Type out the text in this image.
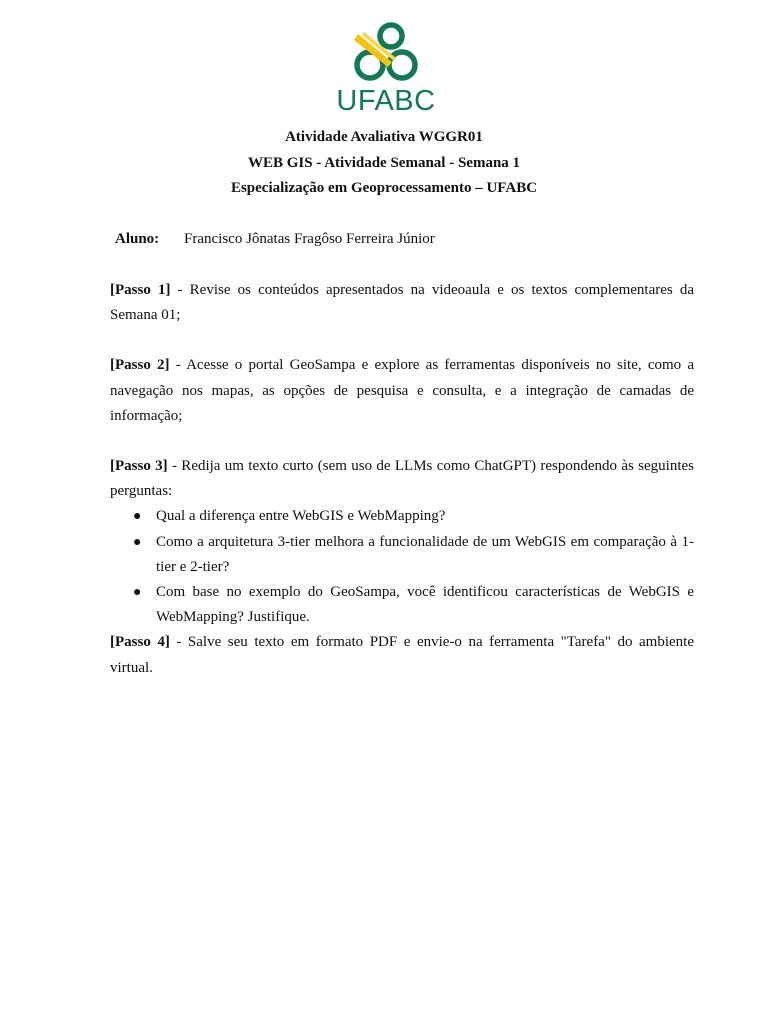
UFABC
Atividade Avaliativa WGGR01
WEB GIS - Atividade Semanal - Semana 1
Especialização em Geoprocessamento – UFABC
Aluno: Francisco Jônatas Fragôso Ferreira Júnior

[Passo 1] - Revise os conteúdos apresentados na videoaula e os textos complementares da Semana 01;

[Passo 2] - Acesse o portal GeoSampa e explore as ferramentas disponíveis no site, como a navegação nos mapas, as opções de pesquisa e consulta, e a integração de camadas de informação;

[Passo 3] - Redija um texto curto (sem uso de LLMs como ChatGPT) respondendo às seguintes perguntas:

● Qual a diferença entre WebGIS e WebMapping?
● Como a arquitetura 3-tier melhora a funcionalidade de um WebGIS em comparação à 1-tier e 2-tier?
● Com base no exemplo do GeoSampa, você identificou características de WebGIS e WebMapping? Justifique.

[Passo 4] - Salve seu texto em formato PDF e envie-o na ferramenta "Tarefa" do ambiente virtual.
